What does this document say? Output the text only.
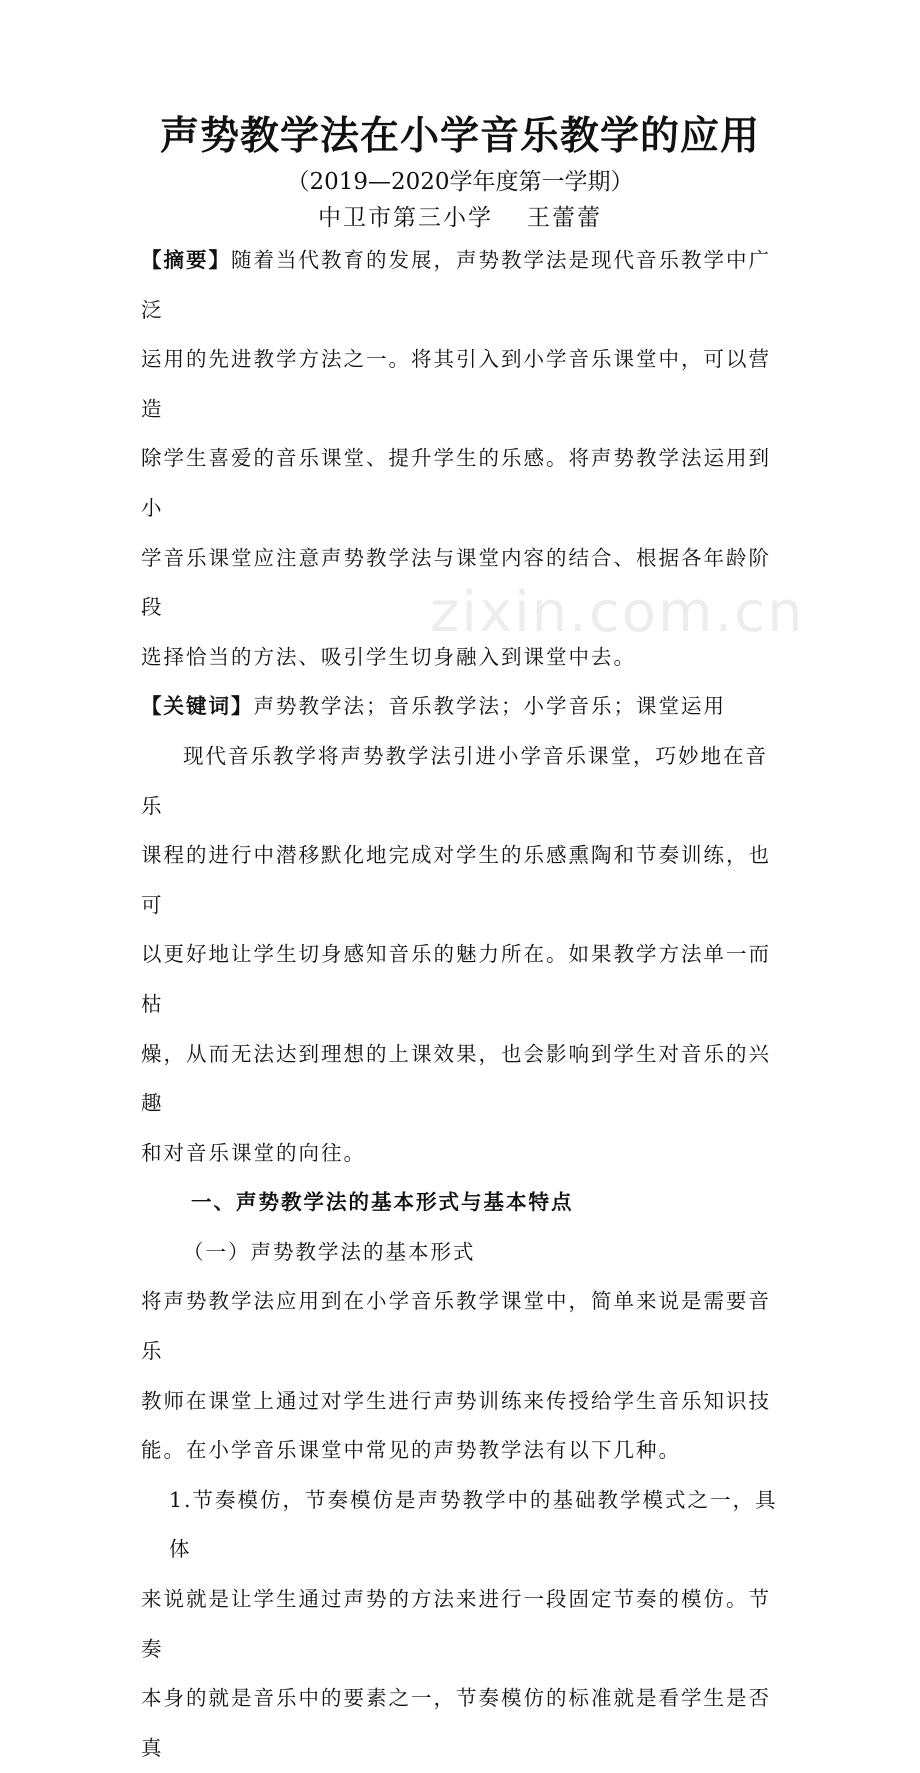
声势教学法在小学音乐教学的应用
（2019—2020学年度第一学期）
中卫市第三小学 王蕾蕾

【摘要】随着当代教育的发展，声势教学法是现代音乐教学中广泛

运用的先进教学方法之一。将其引入到小学音乐课堂中，可以营造

除学生喜爱的音乐课堂、提升学生的乐感。将声势教学法运用到小

学音乐课堂应注意声势教学法与课堂内容的结合、根据各年龄阶段

选择恰当的方法、吸引学生切身融入到课堂中去。

【关键词】声势教学法；音乐教学法；小学音乐；课堂运用

现代音乐教学将声势教学法引进小学音乐课堂，巧妙地在音乐

课程的进行中潜移默化地完成对学生的乐感熏陶和节奏训练，也可

以更好地让学生切身感知音乐的魅力所在。如果教学方法单一而枯

燥，从而无法达到理想的上课效果，也会影响到学生对音乐的兴趣

和对音乐课堂的向往。

一、声势教学法的基本形式与基本特点

（一）声势教学法的基本形式

将声势教学法应用到在小学音乐教学课堂中，简单来说是需要音乐

教师在课堂上通过对学生进行声势训练来传授给学生音乐知识技

能。在小学音乐课堂中常见的声势教学法有以下几种。

1.节奏模仿，节奏模仿是声势教学中的基础教学模式之一，具体

来说就是让学生通过声势的方法来进行一段固定节奏的模仿。节奏

本身的就是音乐中的要素之一，节奏模仿的标准就是看学生是否真

zixin.com.cn
